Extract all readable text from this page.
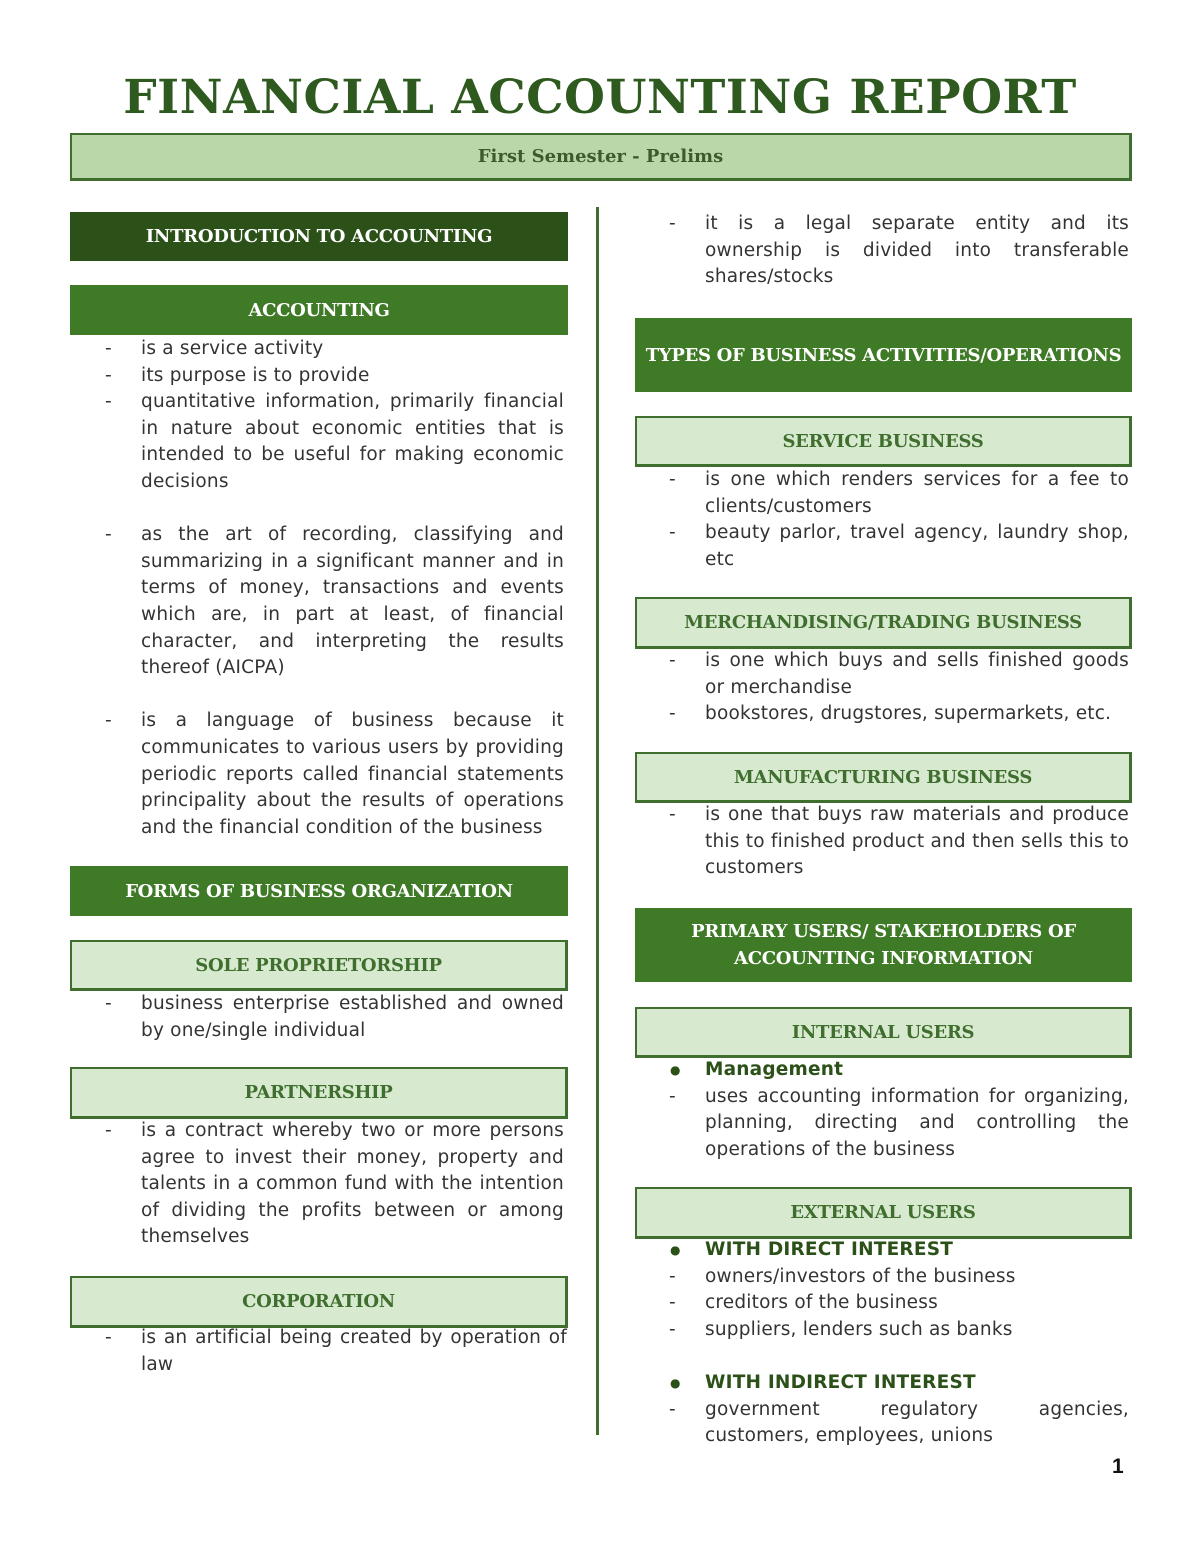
FINANCIAL ACCOUNTING REPORT
First Semester - Prelims
INTRODUCTION TO ACCOUNTING
ACCOUNTING
- is a service activity
- its purpose is to provide
- quantitative information, primarily financial in nature about economic entities that is intended to be useful for making economic decisions
- as the art of recording, classifying and summarizing in a significant manner and in terms of money, transactions and events which are, in part at least, of financial character, and interpreting the results thereof (AICPA)
- is a language of business because it communicates to various users by providing periodic reports called financial statements principality about the results of operations and the financial condition of the business
FORMS OF BUSINESS ORGANIZATION
SOLE PROPRIETORSHIP
- business enterprise established and owned by one/single individual
PARTNERSHIP
- is a contract whereby two or more persons agree to invest their money, property and talents in a common fund with the intention of dividing the profits between or among themselves
CORPORATION
- is an artificial being created by operation of law
- it is a legal separate entity and its ownership is divided into transferable shares/stocks
TYPES OF BUSINESS ACTIVITIES/OPERATIONS
SERVICE BUSINESS
- is one which renders services for a fee to clients/customers
- beauty parlor, travel agency, laundry shop, etc
MERCHANDISING/TRADING BUSINESS
- is one which buys and sells finished goods or merchandise
- bookstores, drugstores, supermarkets, etc.
MANUFACTURING BUSINESS
- is one that buys raw materials and produce this to finished product and then sells this to customers
PRIMARY USERS/ STAKEHOLDERS OF ACCOUNTING INFORMATION
INTERNAL USERS
● Management
- uses accounting information for organizing, planning, directing and controlling the operations of the business
EXTERNAL USERS
● WITH DIRECT INTEREST
- owners/investors of the business
- creditors of the business
- suppliers, lenders such as banks
● WITH INDIRECT INTEREST
- government regulatory agencies, customers, employees, unions
1
